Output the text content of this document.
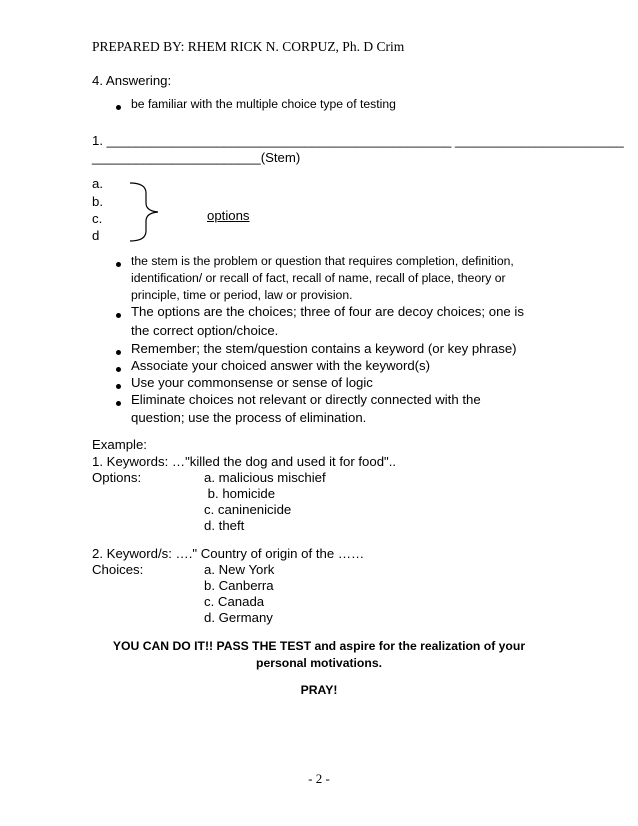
PREPARED BY: RHEM RICK N. CORPUZ, Ph. D Crim
4. Answering:
be familiar with the multiple choice type of testing
1. _______________________________________________ _______________________
_______________________(Stem)
a.
b.
c.
d
options
the stem is the problem or question that requires completion, definition,
identification/ or recall of fact, recall of name, recall of place, theory or
principle, time or period, law or provision.
The options are the choices; three of four are decoy choices; one is
the correct option/choice.
Remember; the stem/question contains a keyword (or key phrase)
Associate your choiced answer with the keyword(s)
Use your commonsense or sense of logic
Eliminate choices not relevant or directly connected with the
question; use the process of elimination.
Example:
1. Keywords: …"killed the dog and used it for food"..
Options:	a. malicious mischief
b. homicide
c. caninenicide
d. theft
2. Keyword/s: …." Country of origin of the ……
Choices:	a. New York
b. Canberra
c. Canada
d. Germany
YOU CAN DO IT!! PASS THE TEST and aspire for the realization of your
personal motivations.
PRAY!
- 2 -
